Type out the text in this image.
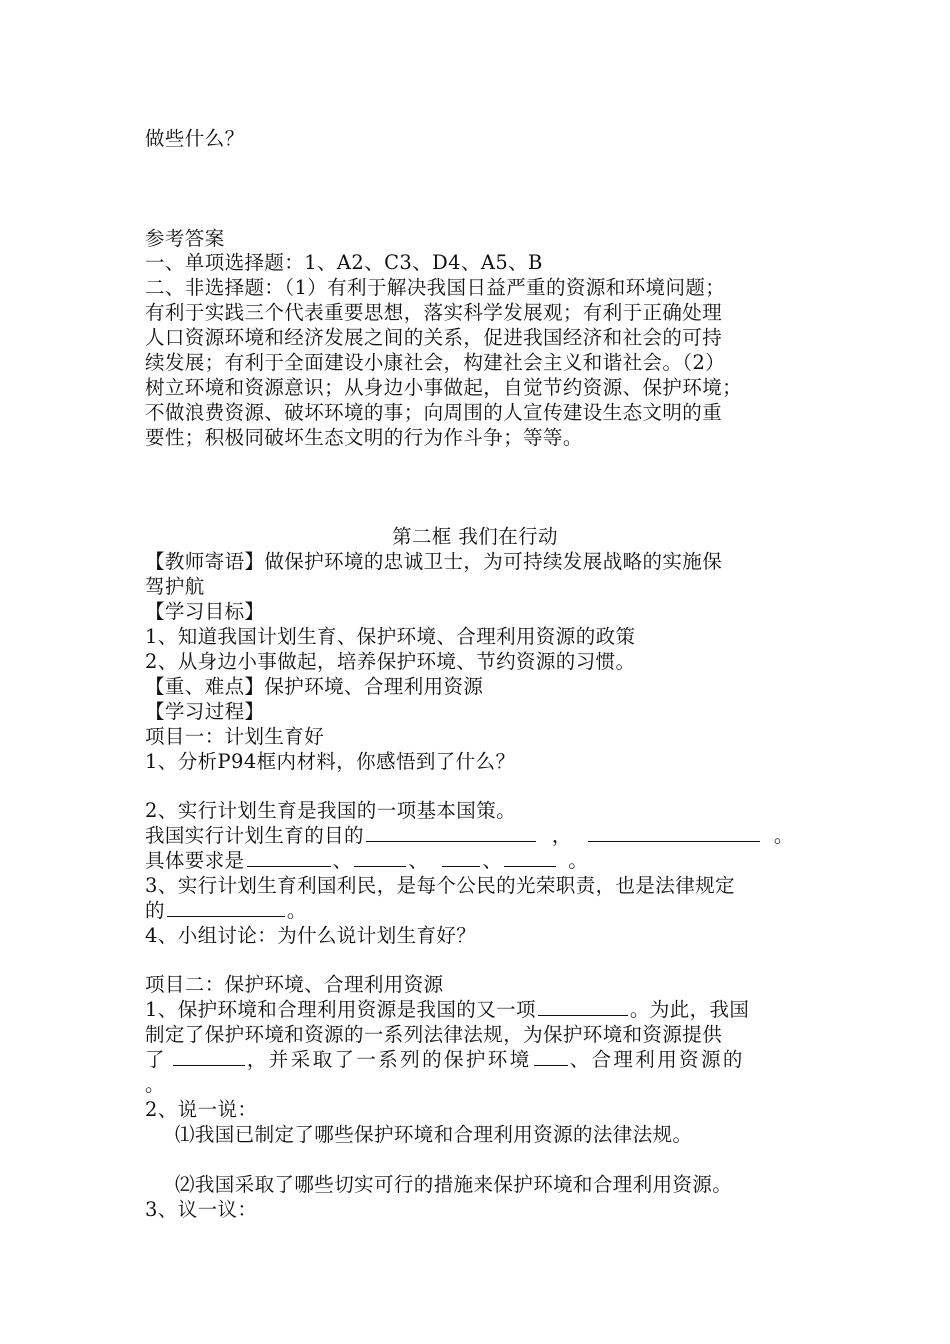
做些什么？
参考答案
一、单项选择题：1、A2、C3、D4、A5、B
二、非选择题：（1）有利于解决我国日益严重的资源和环境问题；
有利于实践三个代表重要思想，落实科学发展观；有利于正确处理
人口资源环境和经济发展之间的关系，促进我国经济和社会的可持
续发展；有利于全面建设小康社会，构建社会主义和谐社会。（2）
树立环境和资源意识；从身边小事做起，自觉节约资源、保护环境；
不做浪费资源、破坏环境的事；向周围的人宣传建设生态文明的重
要性；积极同破坏生态文明的行为作斗争；等等。
第二框 我们在行动
【教师寄语】做保护环境的忠诚卫士，为可持续发展战略的实施保
驾护航
【学习目标】
1、知道我国计划生育、保护环境、合理利用资源的政策
2、从身边小事做起，培养保护环境、节约资源的习惯。
【重、难点】保护环境、合理利用资源
【学习过程】
项目一：计划生育好
1、分析P94框内材料，你感悟到了什么？
2、实行计划生育是我国的一项基本国策。
我国实行计划生育的目的	，	。
具体要求是	、	、	、	。
3、实行计划生育利国利民，是每个公民的光荣职责，也是法律规定
的	。
4、小组讨论：为什么说计划生育好？
项目二：保护环境、合理利用资源
1、保护环境和合理利用资源是我国的又一项	。为此，我国
制定了保护环境和资源的一系列法律法规，为保护环境和资源提供
了	，并采取了一系列的保护环境 、合理利用资源的
。
2、说一说：
⑴我国已制定了哪些保护环境和合理利用资源的法律法规。
⑵我国采取了哪些切实可行的措施来保护环境和合理利用资源。
3、议一议：
